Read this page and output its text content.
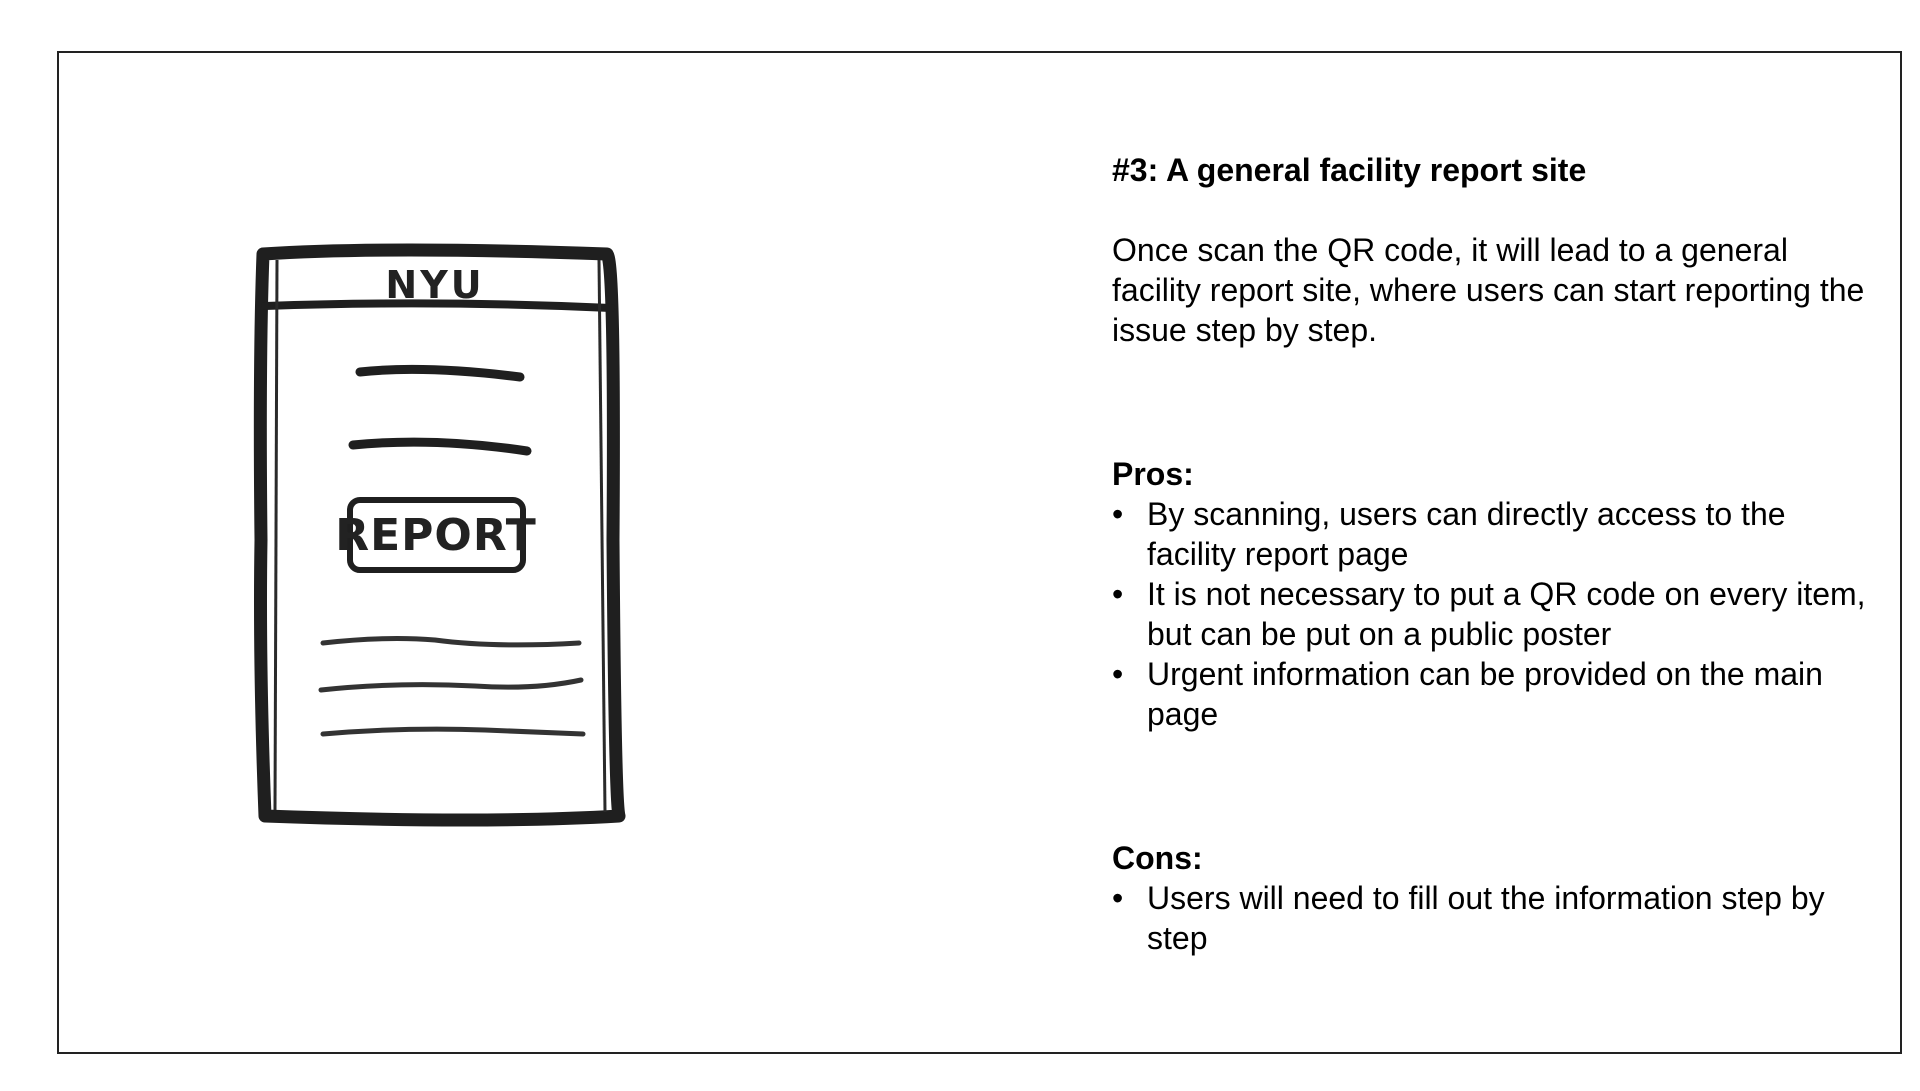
NYU
REPORT

#3: A general facility report site

Once scan the QR code, it will lead to a general facility report site, where users can start reporting the issue step by step.

Pros:

• By scanning, users can directly access to the facility report page
• It is not necessary to put a QR code on every item, but can be put on a public poster
• Urgent information can be provided on the main page

Cons:

• Users will need to fill out the information step by step
